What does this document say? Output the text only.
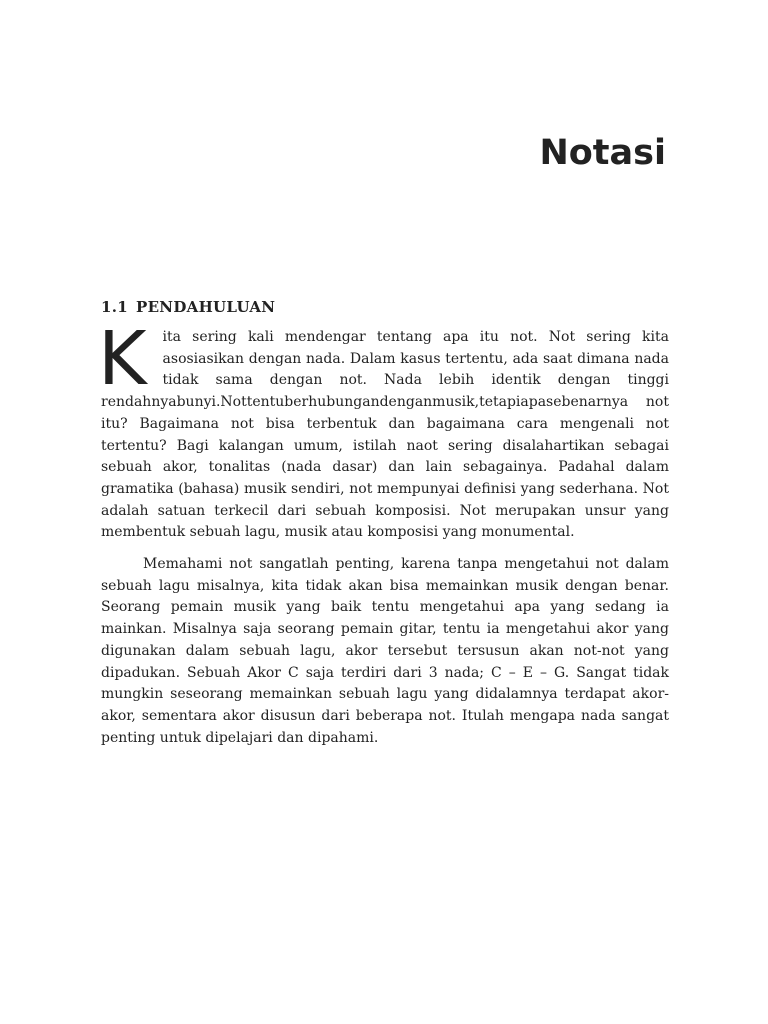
Notasi
1.1 PENDAHULUAN

K ita sering kali mendengar tentang apa itu not. Not sering kita asosiasikan dengan nada. Dalam kasus tertentu, ada saat dimana nada tidak sama dengan not. Nada lebih identik dengan tinggi rendahnyabunyi.Nottentuberhubungandenganmusik,tetapiapasebenarnya not itu? Bagaimana not bisa terbentuk dan bagaimana cara mengenali not tertentu? Bagi kalangan umum, istilah naot sering disalahartikan sebagai sebuah akor, tonalitas (nada dasar) dan lain sebagainya. Padahal dalam gramatika (bahasa) musik sendiri, not mempunyai definisi yang sederhana. Not adalah satuan terkecil dari sebuah komposisi. Not merupakan unsur yang membentuk sebuah lagu, musik atau komposisi yang monumental.

Memahami not sangatlah penting, karena tanpa mengetahui not dalam sebuah lagu misalnya, kita tidak akan bisa memainkan musik dengan benar. Seorang pemain musik yang baik tentu mengetahui apa yang sedang ia mainkan. Misalnya saja seorang pemain gitar, tentu ia mengetahui akor yang digunakan dalam sebuah lagu, akor tersebut tersusun akan not-not yang dipadukan. Sebuah Akor C saja terdiri dari 3 nada; C – E – G. Sangat tidak mungkin seseorang memainkan sebuah lagu yang didalamnya terdapat akor-akor, sementara akor disusun dari beberapa not. Itulah mengapa nada sangat penting untuk dipelajari dan dipahami.
